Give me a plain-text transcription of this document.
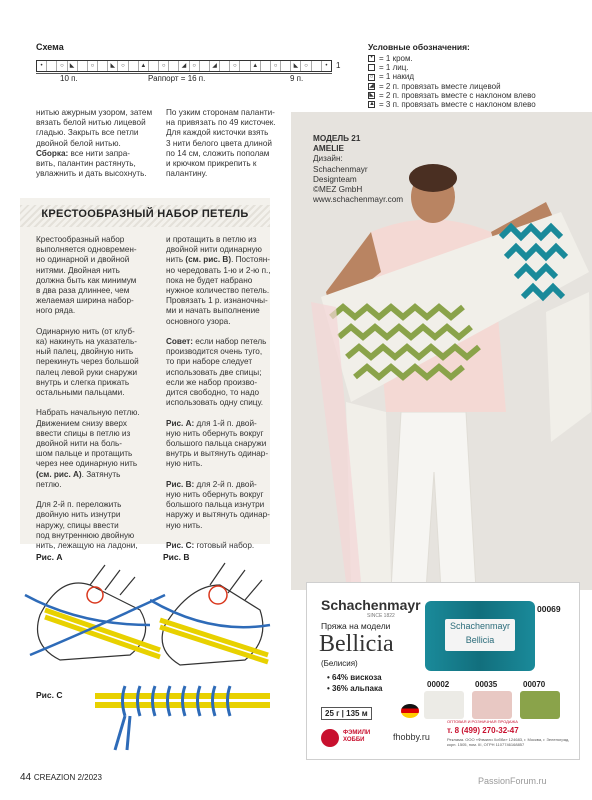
Схема
•	○	◣	○	◣	○	▲	○	◢	○	◢	○	▲	○	◣	○	•	1
10 п.	Раппорт = 16 п.	9 п.
Условные обозначения:
• = 1 кром.
= 1 лиц.
○ = 1 накид
◢ = 2 п. провязать вместе лицевой
◣ = 2 п. провязать вместе с наклоном влево
▲ = 3 п. провязать вместе с наклоном влево
нитью ажурным узором, затем
вязать белой нитью лицевой
гладью. Закрыть все петли
двойной белой нитью.
Сборка: все нити запра-
вить, палантин растянуть,
увлажнить и дать высохнуть.
По узким сторонам паланти-
на привязать по 49 кисточек.
Для каждой кисточки взять
3 нити белого цвета длиной
по 14 см, сложить пополам
и крючком прикрепить к
палантину.
МОДЕЛЬ 21
AMELIE
Дизайн:
Schachenmayr
Designteam
©MEZ GmbH
www.schachenmayr.com
КРЕСТООБРАЗНЫЙ НАБОР ПЕТЕЛЬ
Крестообразный набор
выполняется одновремен-
но одинарной и двойной
нитями. Двойная нить
должна быть как минимум
в два раза длиннее, чем
желаемая ширина набор-
ного ряда.
Одинарную нить (от клуб-
ка) накинуть на указатель-
ный палец, двойную нить
перекинуть через большой
палец левой руки снаружи
внутрь и слегка прижать
остальными пальцами.
Набрать начальную петлю.
Движением снизу вверх
ввести спицы в петлю из
двойной нити на боль-
шом пальце и протащить
через нее одинарную нить
(см. рис. А). Затянуть
петлю.
Для 2-й п. переложить
двойную нить изнутри
наружу, спицы ввести
под внутреннюю двойную
нить, лежащую на ладони,
и протащить в петлю из
двойной нити одинарную
нить (см. рис. В). Постоян-
но чередовать 1-ю и 2-ю п.,
пока не будет набрано
нужное количество петель.
Провязать 1 р. изнаночны-
ми и начать выполнение
основного узора.
Совет: если набор петель
производится очень туго,
то при наборе следует
использовать две спицы;
если же набор произво-
дится свободно, то надо
использовать одну спицу.
Рис. А: для 1-й п. двой-
ную нить обернуть вокруг
большого пальца снаружи
внутрь и вытянуть одинар-
ную нить.
Рис. В: для 2-й п. двой-
ную нить обернуть вокруг
большого пальца изнутри
наружу и вытянуть одинар-
ную нить.
Рис. С: готовый набор.
Рис. А	Рис. В
Рис. С
Schachenmayr
SINCE 1822
Пряжа на модели
Bellicia
(Белисия)
• 64% вискоза
• 36% альпака
25 г | 135 м
Schachenmayr
Bellicia
00069
00002	00035	00070
ФЭМИЛИ ХОББИ	fhobby.ru
ОПТОВАЯ И РОЗНИЧНАЯ ПРОДАЖА
т. 8 (499) 270-32-47
Реклама. ООО «Фэмили Хобби» 124683, г. Москва, г. Зеленоград, корп. 1505, пом. III, ОГРН 1107746168857
44 CREAZION 2/2023	PassionForum.ru
